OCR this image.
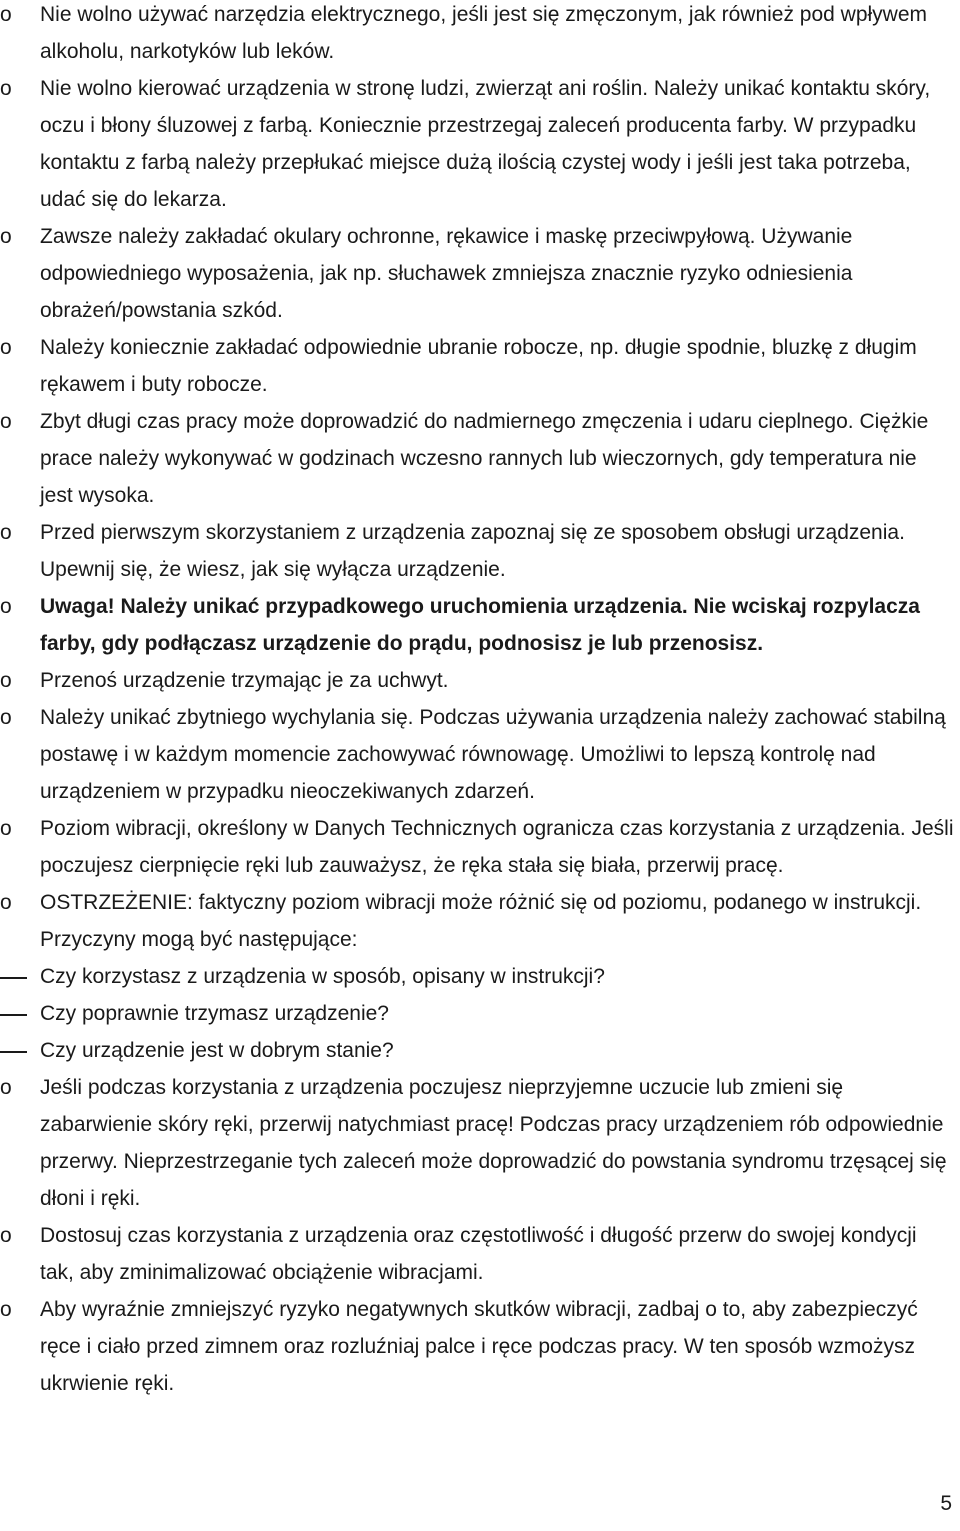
o	Nie wolno używać narzędzia elektrycznego, jeśli jest się zmęczonym, jak również pod wpływem alkoholu, narkotyków lub leków.
o	Nie wolno kierować urządzenia w stronę ludzi, zwierząt ani roślin. Należy unikać kontaktu skóry, oczu i błony śluzowej z farbą. Koniecznie przestrzegaj zaleceń producenta farby. W przypadku kontaktu z farbą należy przepłukać miejsce dużą ilością czystej wody i jeśli jest taka potrzeba, udać się do lekarza.
o	Zawsze należy zakładać okulary ochronne, rękawice i maskę przeciwpyłową. Używanie odpowiedniego wyposażenia, jak np. słuchawek zmniejsza znacznie ryzyko odniesienia obrażeń/powstania szkód.
o	Należy koniecznie zakładać odpowiednie ubranie robocze, np. długie spodnie, bluzkę z długim rękawem i buty robocze.
o	Zbyt długi czas pracy może doprowadzić do nadmiernego zmęczenia i udaru cieplnego. Ciężkie prace należy wykonywać w godzinach wczesno rannych lub wieczornych, gdy temperatura nie jest wysoka.
o	Przed pierwszym skorzystaniem z urządzenia zapoznaj się ze sposobem obsługi urządzenia. Upewnij się, że wiesz, jak się wyłącza urządzenie.
o	Uwaga! Należy unikać przypadkowego uruchomienia urządzenia. Nie wciskaj rozpylacza farby, gdy podłączasz urządzenie do prądu, podnosisz je lub przenosisz.
o	Przenoś urządzenie trzymając je za uchwyt.
o	Należy unikać zbytniego wychylania się. Podczas używania urządzenia należy zachować stabilną postawę i w każdym momencie zachowywać równowagę. Umożliwi to lepszą kontrolę nad urządzeniem w przypadku nieoczekiwanych zdarzeń.
o	Poziom wibracji, określony w Danych Technicznych ogranicza czas korzystania z urządzenia. Jeśli poczujesz cierpnięcie ręki lub zauważysz, że ręka stała się biała, przerwij pracę.
o	OSTRZEŻENIE: faktyczny poziom wibracji może różnić się od poziomu, podanego w instrukcji. Przyczyny mogą być następujące:
Czy korzystasz z urządzenia w sposób, opisany w instrukcji?
Czy poprawnie trzymasz urządzenie?
Czy urządzenie jest w dobrym stanie?
o	Jeśli podczas korzystania z urządzenia poczujesz nieprzyjemne uczucie lub zmieni się zabarwienie skóry ręki, przerwij natychmiast pracę! Podczas pracy urządzeniem rób odpowiednie przerwy. Nieprzestrzeganie tych zaleceń może doprowadzić do powstania syndromu trzęsącej się dłoni i ręki.
o	Dostosuj czas korzystania z urządzenia oraz częstotliwość i długość przerw do swojej kondycji tak, aby zminimalizować obciążenie wibracjami.
o	Aby wyraźnie zmniejszyć ryzyko negatywnych skutków wibracji, zadbaj o to, aby zabezpieczyć ręce i ciało przed zimnem oraz rozluźniaj palce i ręce podczas pracy. W ten sposób wzmożysz ukrwienie ręki.
5
